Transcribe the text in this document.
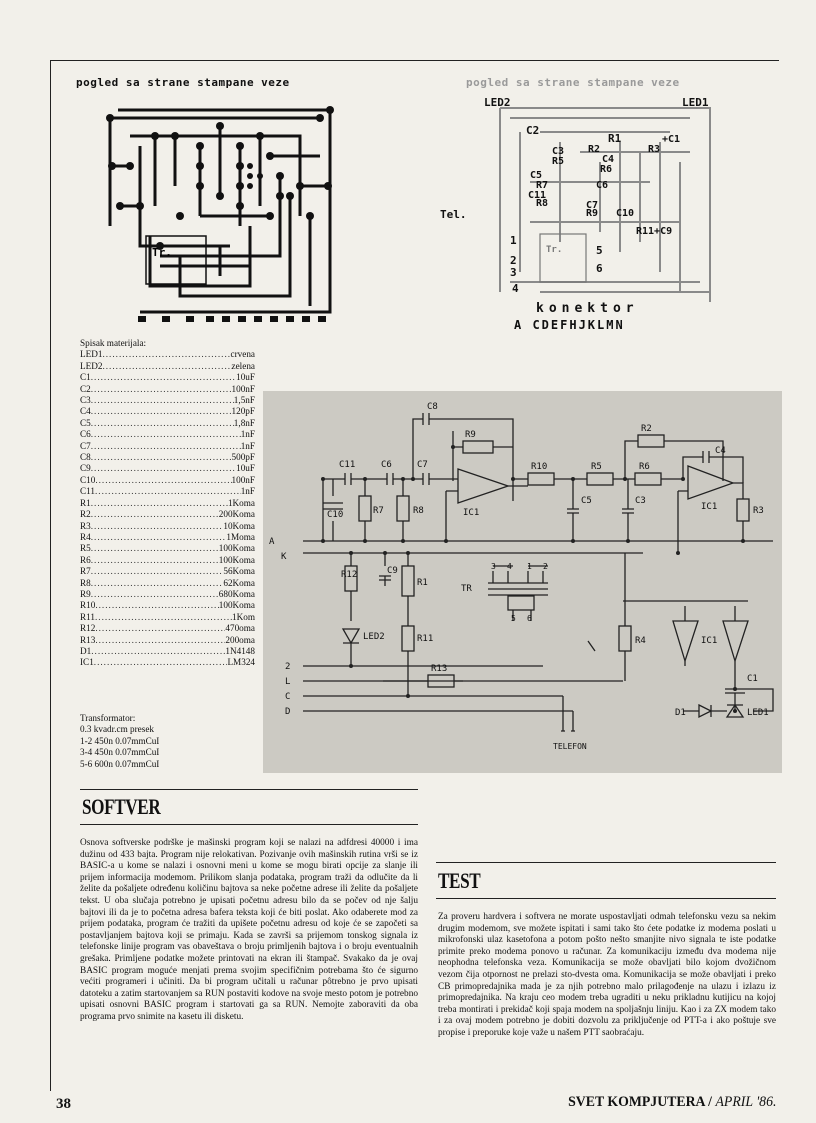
pogled sa strane stampane veze
Tr.
pogled sa strane stampane veze
LED2	LED1
Tel.
Tr.
konektor
A CDEFHJKLMN
C2
R1	+C1
C3 R2	R3
R5	C4
R6
C5
R7	C6
C11
R8	C7
R9 C10
R11+C9
1
2
3
4
5
6
Spisak materijala:
LED1 .....	crvena
LED2 .....	zelena
C1 .....	10uF
C2 .....	100nF
C3 .....	1,5nF
C4 .....	120pF
C5 .....	1,8nF
C6 .....	1nF
C7 .....	1nF
C8 .....	500pF
C9 .....	10uF
C10 .....	100nF
C11 .....	1nF
R1 .....	1Koma
R2 .....	200Koma
R3 .....	10Koma
R4 .....	1Moma
R5 .....	100Koma
R6 .....	100Koma
R7 .....	56Koma
R8 .....	62Koma
R9 .....	680Koma
R10 .....	100Koma
R11 .....	1Kom
R12 .....	470oma
R13 .....	200oma
D1 .....	1N4148
IC1 .....	LM324
Transformator:
0.3 kvadr.cm presek
1-2 450n 0.07mmCuI
3-4 450n 0.07mmCuI
5-6 600n 0.07mmCuI
C8
R9
C11	C6	C7	R10	R5	R6
R2
C4
C10	R7	R8	IC1
C5	C3
IC1	R3
A
K
R12	C9
R1
TR
LED2	R11	R4	IC1
C1
R13
2
L
C
D	D1	LED1
TELEFON
3 4 1 2
5 6
SOFTVER
Osnova softverske podrške je mašinski program koji se nalazi na adfdresi 40000 i ima dužinu od 433 bajta. Program nije relokativan. Pozivanje ovih mašinskih rutina vrši se iz BASIC-a u kome se nalazi i osnovni meni u kome se mogu birati opcije za slanje ili prijem informacija modemom. Prilikom slanja podataka, program traži da odlučite da li želite da pošaljete određenu količinu bajtova sa neke početne adrese ili želite da pošaljete tekst. U oba slučaja potrebno je upisati početnu adresu bilo da se počev od nje šalju bajtovi ili da je to početna adresa bafera teksta koji će biti poslat. Ako odaberete mod za prijem podataka, program će tražiti da upišete početnu adresu od koje će se započeti sa postavljanjem bajtova koji se primaju. Kada se završi sa prijemom tonskog signala iz telefonske linije program vas obaveštava o broju primljenih bajtova i o broju eventualnih grešaka. Primljene podatke možete printovati na ekran ili štampač. Svakako da je ovaj BASIC program moguće menjati prema svojim specifičnim potrebama što će sigurno većiti programeri i učiniti. Da bi program učitali u računar pôtrebno je prvo upisati datoteku a zatim startovanjem sa RUN postaviti kodove na svoje mesto potom je potrebno upisati osnovni BASIC program i startovati ga sa RUN. Nemojte zaboraviti da oba programa prvo snimite na kasetu ili disketu.
TEST
Za proveru hardvera i softvera ne morate uspostavljati odmah telefonsku vezu sa nekim drugim modemom, sve možete ispitati i sami tako što ćete podatke iz modema poslati u mikrofonski ulaz kasetofona a potom pošto nešto smanjite nivo signala te iste podatke primite preko modema ponovo u računar. Za komunikaciju između dva modema nije neophodna telefonska veza. Komunikacija se može obavljati bilo kojom dvožičnom vezom čija otpornost ne prelazi sto-dvesta oma. Komunikacija se može obavljati i preko CB primopredajnika mada je za njih potrebno malo prilagođenje na ulazu i izlazu iz primopredajnika. Na kraju ceo modem treba ugraditi u neku prikladnu kutijicu na kojoj treba montirati i prekidač koji spaja modem na spoljašnju liniju. Kao i za ZX modem tako i za ovaj modem potrebno je dobiti dozvolu za priključenje od PTT-a i ako poštuje sve propise i preporuke koje važe u našem PTT saobraćaju.
38	SVET KOMPJUTERA / APRIL '86.
